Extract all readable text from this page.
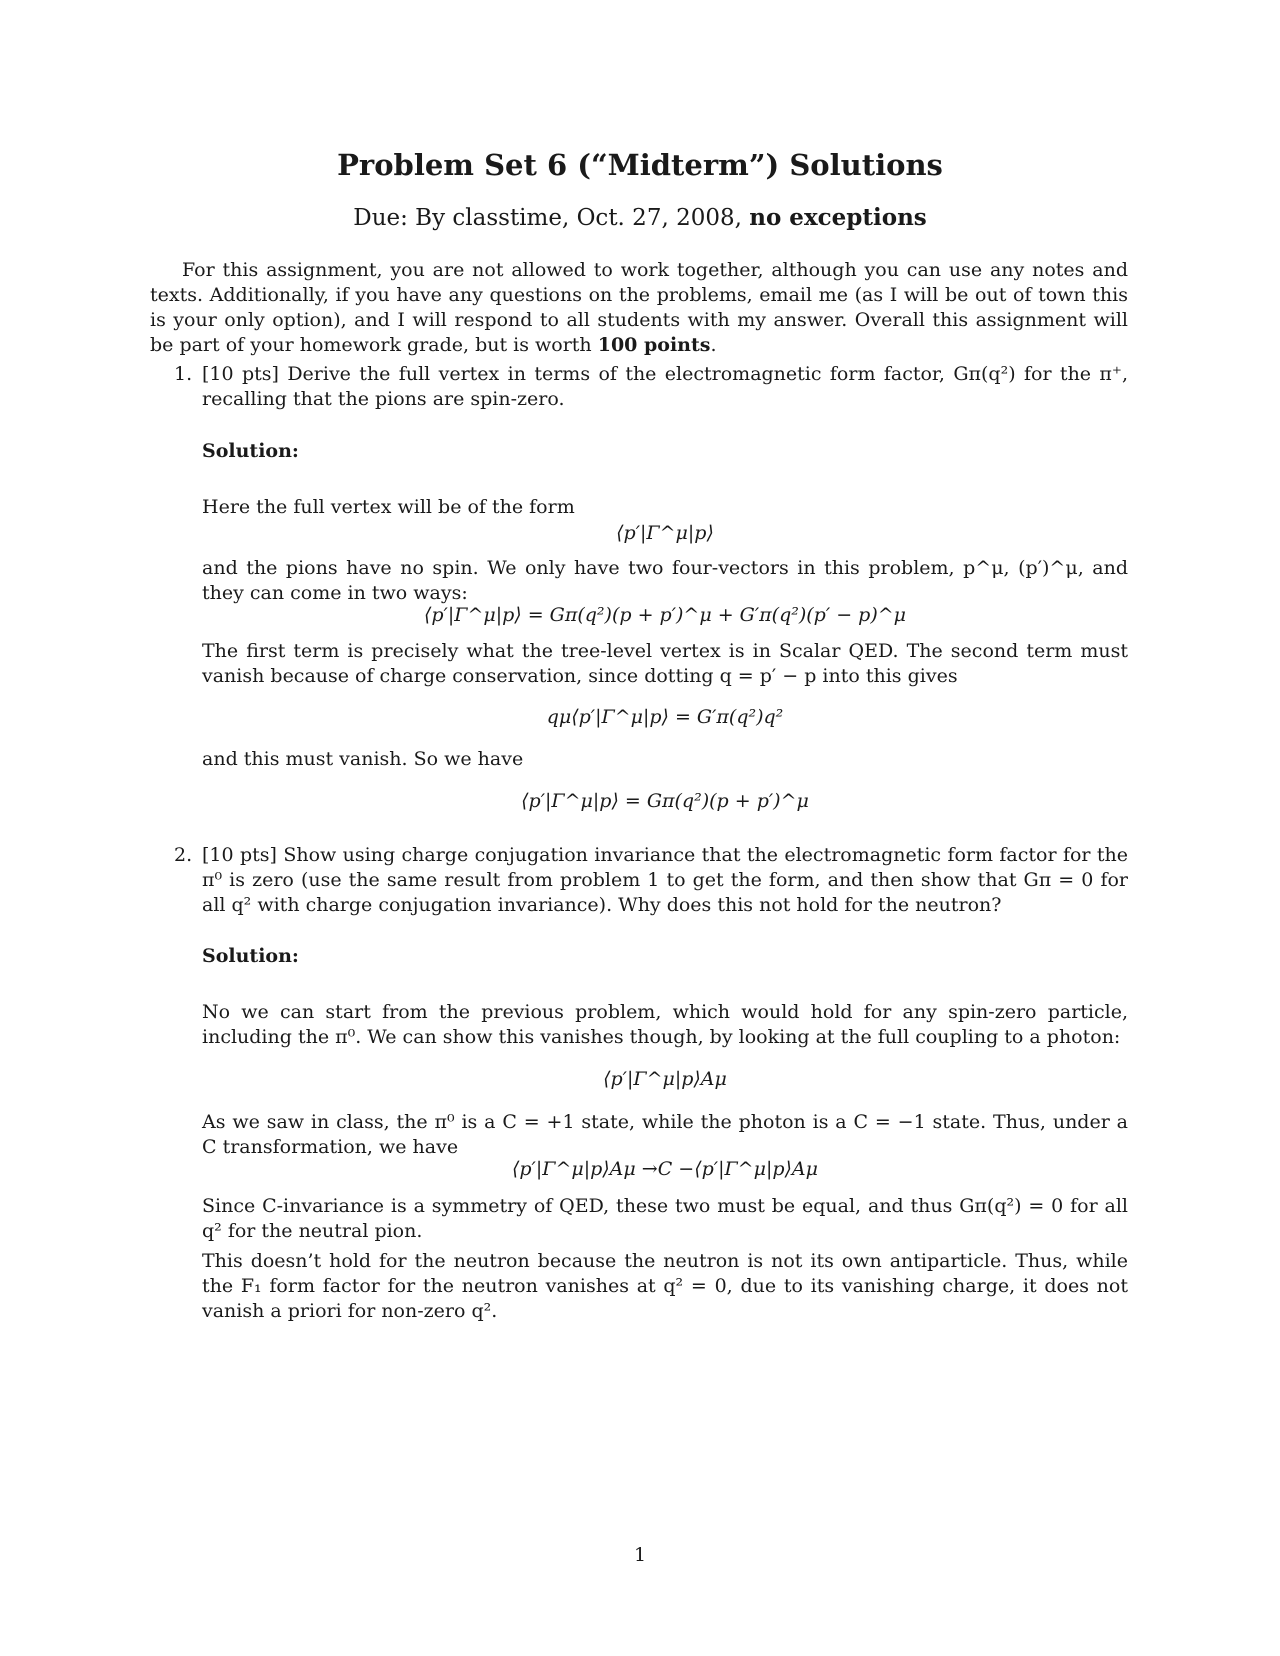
Problem Set 6 (“Midterm”) Solutions
Due: By classtime, Oct. 27, 2008, no exceptions
For this assignment, you are not allowed to work together, although you can use any notes and texts. Additionally, if you have any questions on the problems, email me (as I will be out of town this is your only option), and I will respond to all students with my answer. Overall this assignment will be part of your homework grade, but is worth 100 points.
1. [10 pts] Derive the full vertex in terms of the electromagnetic form factor, Gπ(q²) for the π⁺, recalling that the pions are spin-zero.
Solution:
Here the full vertex will be of the form
⟨p′|Γ^μ|p⟩
and the pions have no spin. We only have two four-vectors in this problem, p^μ, (p′)^μ, and they can come in two ways:
⟨p′|Γ^μ|p⟩ = Gπ(q²)(p + p′)^μ + G′π(q²)(p′ − p)^μ
The first term is precisely what the tree-level vertex is in Scalar QED. The second term must vanish because of charge conservation, since dotting q = p′ − p into this gives
qμ⟨p′|Γ^μ|p⟩ = G′π(q²)q²
and this must vanish. So we have
⟨p′|Γ^μ|p⟩ = Gπ(q²)(p + p′)^μ
2. [10 pts] Show using charge conjugation invariance that the electromagnetic form factor for the π⁰ is zero (use the same result from problem 1 to get the form, and then show that Gπ = 0 for all q² with charge conjugation invariance). Why does this not hold for the neutron?
Solution:
No we can start from the previous problem, which would hold for any spin-zero particle, including the π⁰. We can show this vanishes though, by looking at the full coupling to a photon:
⟨p′|Γ^μ|p⟩Aμ
As we saw in class, the π⁰ is a C = +1 state, while the photon is a C = −1 state. Thus, under a C transformation, we have
⟨p′|Γ^μ|p⟩Aμ →C −⟨p′|Γ^μ|p⟩Aμ
Since C-invariance is a symmetry of QED, these two must be equal, and thus Gπ(q²) = 0 for all q² for the neutral pion.
This doesn’t hold for the neutron because the neutron is not its own antiparticle. Thus, while the F₁ form factor for the neutron vanishes at q² = 0, due to its vanishing charge, it does not vanish a priori for non-zero q².
1
